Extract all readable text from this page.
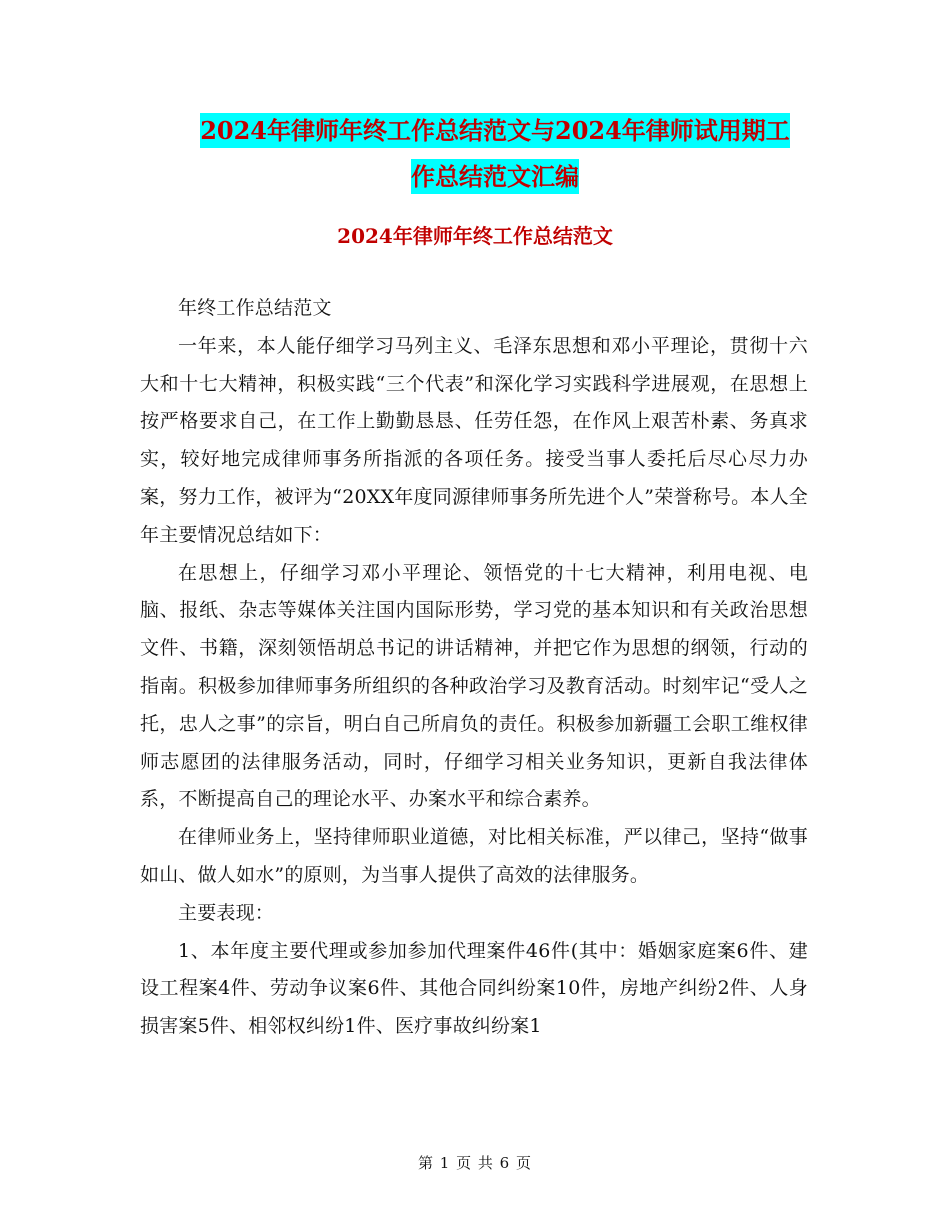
2024年律师年终工作总结范文与2024年律师试用期工
作总结范文汇编
2024年律师年终工作总结范文

年终工作总结范文

一年来，本人能仔细学习马列主义、毛泽东思想和邓小平理论，贯彻十六大和十七大精神，积极实践“三个代表”和深化学习实践科学进展观，在思想上按严格要求自己，在工作上勤勤恳恳、任劳任怨，在作风上艰苦朴素、务真求实，较好地完成律师事务所指派的各项任务。接受当事人委托后尽心尽力办案，努力工作，被评为“20XX年度同源律师事务所先进个人”荣誉称号。本人全年主要情况总结如下：

在思想上，仔细学习邓小平理论、领悟党的十七大精神，利用电视、电脑、报纸、杂志等媒体关注国内国际形势，学习党的基本知识和有关政治思想文件、书籍，深刻领悟胡总书记的讲话精神，并把它作为思想的纲领，行动的指南。积极参加律师事务所组织的各种政治学习及教育活动。时刻牢记“受人之托，忠人之事”的宗旨，明白自己所肩负的责任。积极参加新疆工会职工维权律师志愿团的法律服务活动，同时，仔细学习相关业务知识，更新自我法律体系，不断提高自己的理论水平、办案水平和综合素养。

在律师业务上，坚持律师职业道德，对比相关标准，严以律己，坚持“做事如山、做人如水”的原则，为当事人提供了高效的法律服务。

主要表现：

1、本年度主要代理或参加参加代理案件46件(其中：婚姻家庭案6件、建设工程案4件、劳动争议案6件、其他合同纠纷案10件，房地产纠纷2件、人身损害案5件、相邻权纠纷1件、医疗事故纠纷案1

第 1 页 共 6 页
